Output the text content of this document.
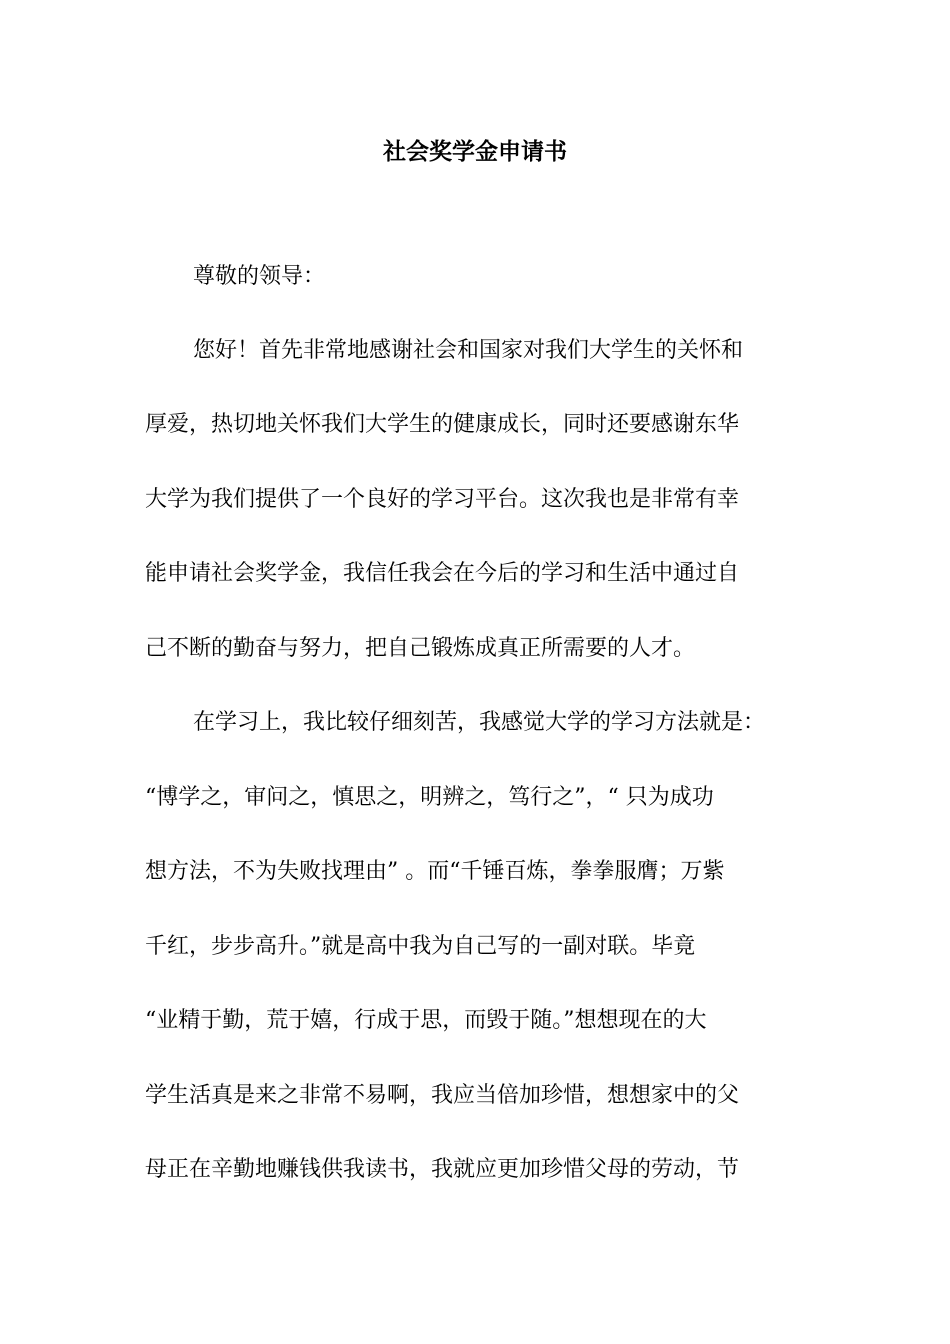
社会奖学金申请书
尊敬的领导：
您好！首先非常地感谢社会和国家对我们大学生的关怀和
厚爱，热切地关怀我们大学生的健康成长，同时还要感谢东华
大学为我们提供了一个良好的学习平台。这次我也是非常有幸
能申请社会奖学金，我信任我会在今后的学习和生活中通过自
己不断的勤奋与努力，把自己锻炼成真正所需要的人才。
在学习上，我比较仔细刻苦，我感觉大学的学习方法就是：
“博学之，审问之，慎思之，明辨之，笃行之”，“ 只为成功
想方法，不为失败找理由” 。而“千锤百炼，拳拳服膺；万紫
千红，步步高升。”就是高中我为自己写的一副对联。毕竟
“业精于勤，荒于嬉，行成于思，而毁于随。”想想现在的大
学生活真是来之非常不易啊，我应当倍加珍惜，想想家中的父
母正在辛勤地赚钱供我读书，我就应更加珍惜父母的劳动，节
